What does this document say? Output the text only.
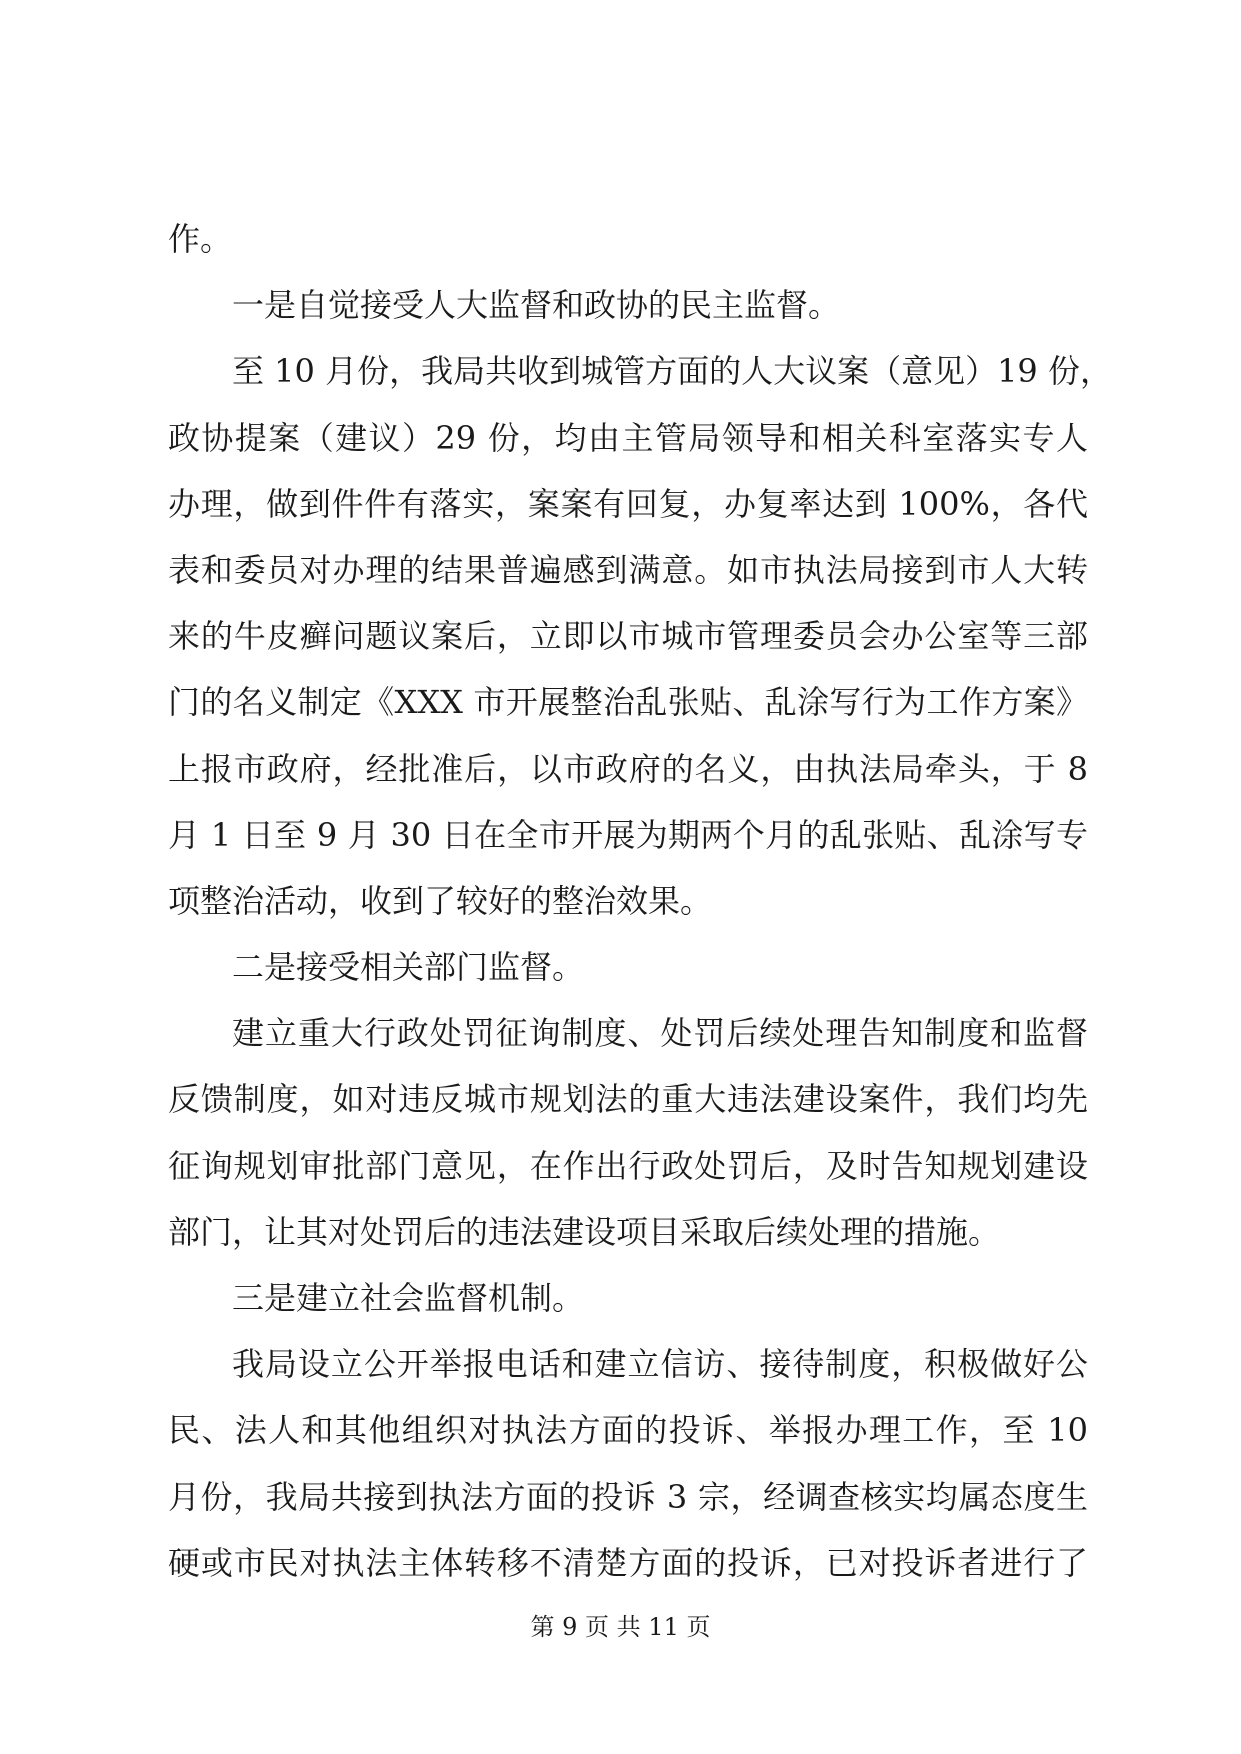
作。
一是自觉接受人大监督和政协的民主监督。
至 10 月份，我局共收到城管方面的人大议案（意见）19 份，
政协提案（建议）29 份，均由主管局领导和相关科室落实专人
办理，做到件件有落实，案案有回复，办复率达到 100%，各代
表和委员对办理的结果普遍感到满意。如市执法局接到市人大转
来的牛皮癣问题议案后，立即以市城市管理委员会办公室等三部
门的名义制定《XXX 市开展整治乱张贴、乱涂写行为工作方案》
上报市政府，经批准后，以市政府的名义，由执法局牵头，于 8
月 1 日至 9 月 30 日在全市开展为期两个月的乱张贴、乱涂写专
项整治活动，收到了较好的整治效果。
二是接受相关部门监督。
建立重大行政处罚征询制度、处罚后续处理告知制度和监督
反馈制度，如对违反城市规划法的重大违法建设案件，我们均先
征询规划审批部门意见，在作出行政处罚后，及时告知规划建设
部门，让其对处罚后的违法建设项目采取后续处理的措施。
三是建立社会监督机制。
我局设立公开举报电话和建立信访、接待制度，积极做好公
民、法人和其他组织对执法方面的投诉、举报办理工作，至 10
月份，我局共接到执法方面的投诉 3 宗，经调查核实均属态度生
硬或市民对执法主体转移不清楚方面的投诉，已对投诉者进行了
第 9 页 共 11 页
